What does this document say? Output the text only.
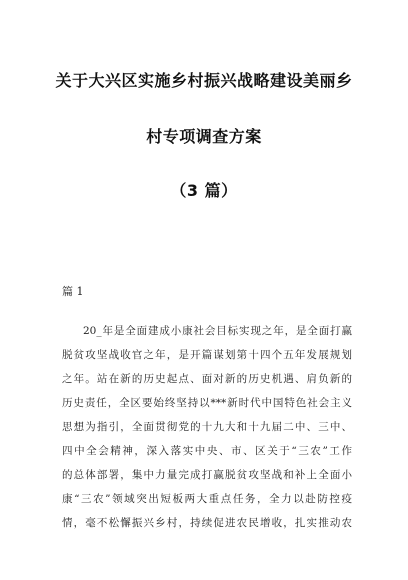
关于大兴区实施乡村振兴战略建设美丽乡
村专项调查方案
（3 篇）
篇 1
20_年是全面建成小康社会目标实现之年，是全面打赢
脱贫攻坚战收官之年，是开篇谋划第十四个五年发展规划
之年。站在新的历史起点、面对新的历史机遇、肩负新的
历史责任，全区要始终坚持以***新时代中国特色社会主义
思想为指引，全面贯彻党的十九大和十九届二中、三中、
四中全会精神，深入落实中央、市、区关于“三农”工作
的总体部署，集中力量完成打赢脱贫攻坚战和补上全面小
康“三农”领域突出短板两大重点任务，全力以赴防控疫
情，毫不松懈振兴乡村，持续促进农民增收，扎实推动农
